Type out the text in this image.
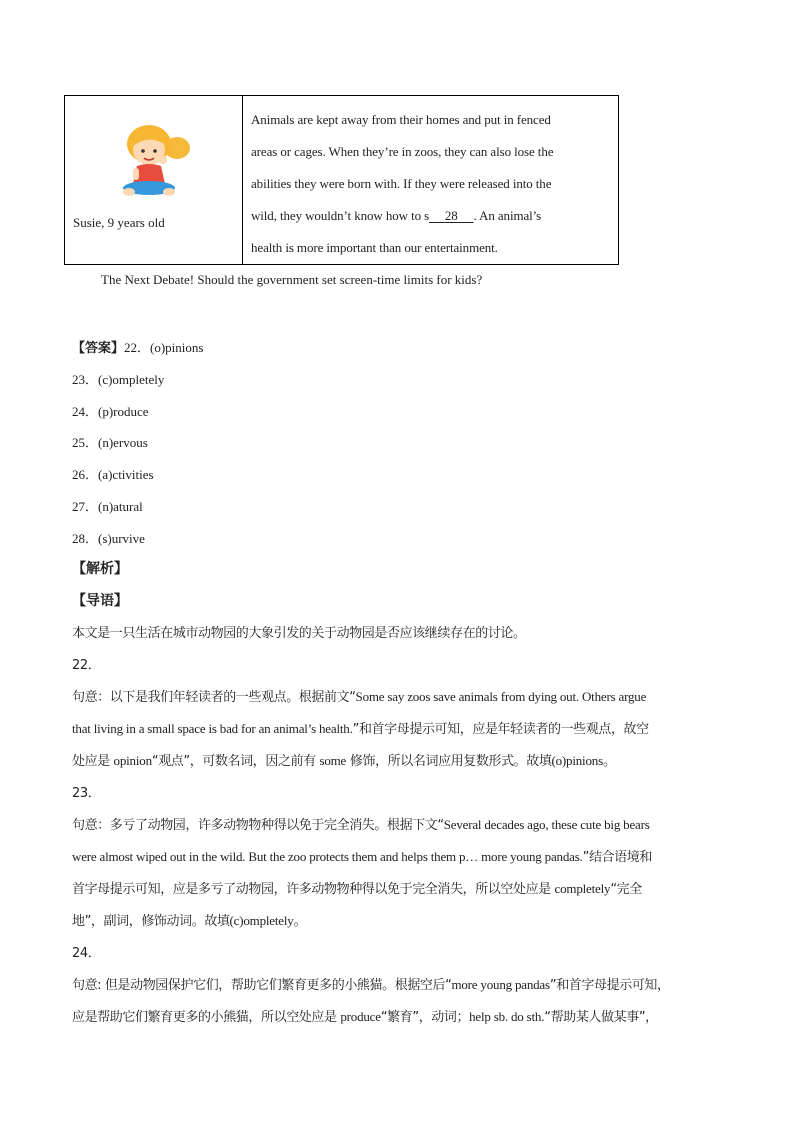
Susie, 9 years old
Animals are kept away from their homes and put in fenced
areas or cages. When they’re in zoos, they can also lose the
abilities they were born with. If they were released into the
wild, they wouldn’t know how to s 28 . An animal’s
health is more important than our entertainment.
The Next Debate! Should the government set screen-time limits for kids?
【答案】22．(o)pinions
23．(c)ompletely
24．(p)roduce
25．(n)ervous
26．(a)ctivities
27．(n)atural
28．(s)urvive
【解析】
【导语】
本文是一只生活在城市动物园的大象引发的关于动物园是否应该继续存在的讨论。
22．
句意：以下是我们年轻读者的一些观点。根据前文“Some say zoos save animals from dying out. Others argue
that living in a small space is bad for an animal’s health.”和首字母提示可知，应是年轻读者的一些观点，故空
处应是 opinion“观点”，可数名词，因之前有 some 修饰，所以名词应用复数形式。故填(o)pinions。
23．
句意：多亏了动物园，许多动物物种得以免于完全消失。根据下文“Several decades ago, these cute big bears
were almost wiped out in the wild. But the zoo protects them and helps them p… more young pandas.”结合语境和
首字母提示可知，应是多亏了动物园，许多动物物种得以免于完全消失，所以空处应是 completely“完全
地”，副词，修饰动词。故填(c)ompletely。
24．
句意: 但是动物园保护它们，帮助它们繁育更多的小熊猫。根据空后“more young pandas”和首字母提示可知，
应是帮助它们繁育更多的小熊猫，所以空处应是 produce“繁育”，动词；help sb. do sth.“帮助某人做某事”，
